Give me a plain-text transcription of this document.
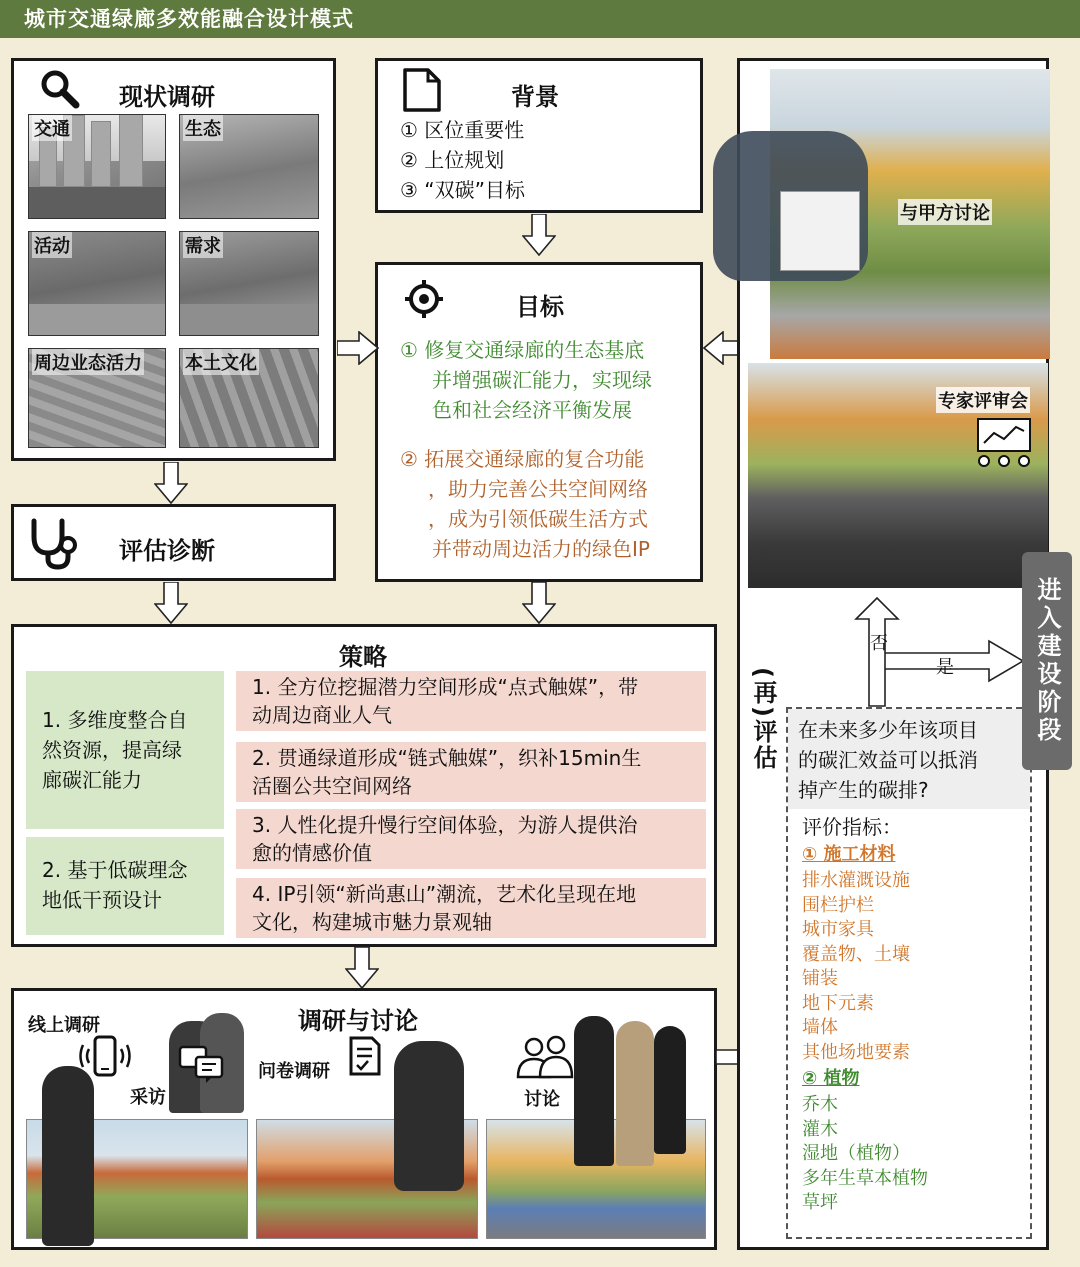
城市交通绿廊多效能融合设计模式
现状调研
交通	生态
活动	需求
周边业态活力 本土文化
评估诊断
背景
① 区位重要性
② 上位规划
③ “双碳”目标
目标
① 修复交通绿廊的生态基底
并增强碳汇能力，实现绿
色和社会经济平衡发展
② 拓展交通绿廊的复合功能
，助力完善公共空间网络
，成为引领低碳生活方式
并带动周边活力的绿色IP
策略
1. 多维度整合自
然资源，提高绿
廊碳汇能力
2. 基于低碳理念
地低干预设计
1. 全方位挖掘潜力空间形成“点式触媒”，带
动周边商业人气
2. 贯通绿道形成“链式触媒”，织补15min生
活圈公共空间网络
3. 人性化提升慢行空间体验，为游人提供治
愈的情感价值
4. IP引领“新尚惠山”潮流，艺术化呈现在地
文化，构建城市魅力景观轴
调研与讨论
线上调研
采访
问卷调研
讨论
与甲方讨论
专家评审会
否
是
(再)评估 在未来多少年该项目
的碳汇效益可以抵消
掉产生的碳排?
评价指标：
① 施工材料
排水灌溉设施
围栏护栏
城市家具
覆盖物、土壤
铺装
地下元素
墙体
其他场地要素
② 植物
乔木
灌木
湿地（植物）
多年生草本植物
草坪
进入建设阶段
